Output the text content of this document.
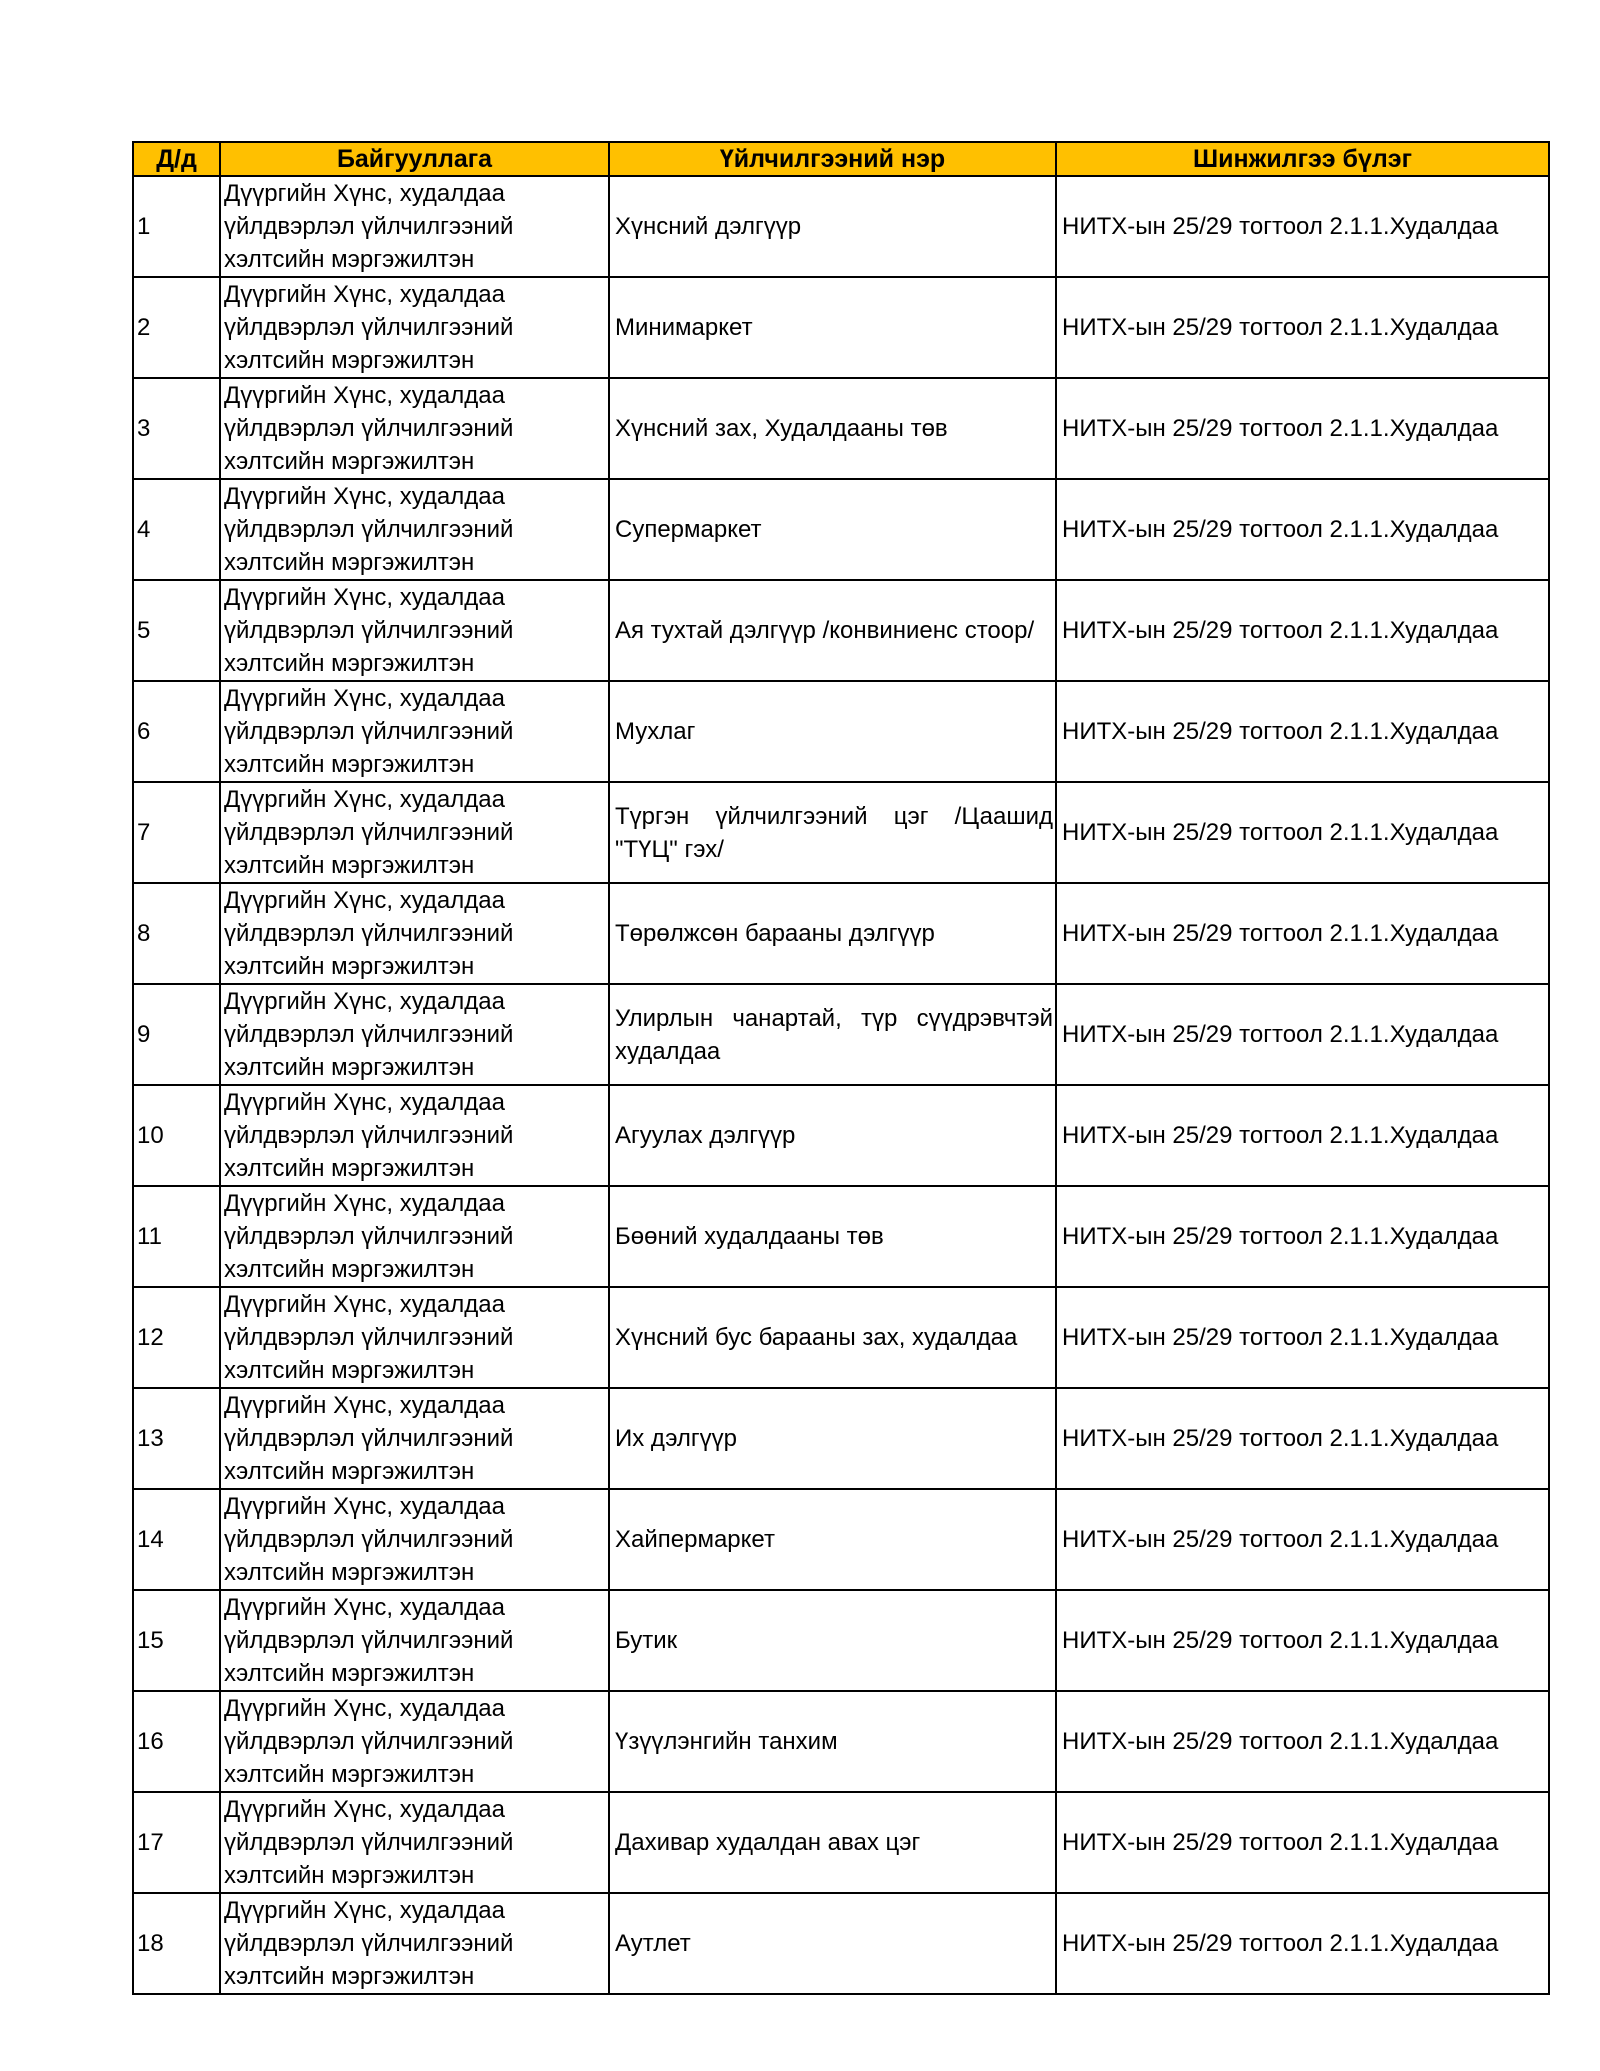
Д/д	Байгууллага	Үйлчилгээний нэр	Шинжилгээ бүлэг
1	Дүүргийн Хүнс, худалдаа үйлдвэрлэл үйлчилгээний хэлтсийн мэргэжилтэн	Хүнсний дэлгүүр	НИТХ-ын 25/29 тогтоол 2.1.1.Худалдаа
2	Дүүргийн Хүнс, худалдаа үйлдвэрлэл үйлчилгээний хэлтсийн мэргэжилтэн	Минимаркет	НИТХ-ын 25/29 тогтоол 2.1.1.Худалдаа
3	Дүүргийн Хүнс, худалдаа үйлдвэрлэл үйлчилгээний хэлтсийн мэргэжилтэн	Хүнсний зах, Худалдааны төв	НИТХ-ын 25/29 тогтоол 2.1.1.Худалдаа
4	Дүүргийн Хүнс, худалдаа үйлдвэрлэл үйлчилгээний хэлтсийн мэргэжилтэн	Супермаркет	НИТХ-ын 25/29 тогтоол 2.1.1.Худалдаа
5	Дүүргийн Хүнс, худалдаа үйлдвэрлэл үйлчилгээний хэлтсийн мэргэжилтэн	Ая тухтай дэлгүүр /конвиниенс стоор/	НИТХ-ын 25/29 тогтоол 2.1.1.Худалдаа
6	Дүүргийн Хүнс, худалдаа үйлдвэрлэл үйлчилгээний хэлтсийн мэргэжилтэн	Мухлаг	НИТХ-ын 25/29 тогтоол 2.1.1.Худалдаа
7	Дүүргийн Хүнс, худалдаа үйлдвэрлэл үйлчилгээний хэлтсийн мэргэжилтэн	Түргэн үйлчилгээний цэг /Цаашид "ТҮЦ" гэх/	НИТХ-ын 25/29 тогтоол 2.1.1.Худалдаа
8	Дүүргийн Хүнс, худалдаа үйлдвэрлэл үйлчилгээний хэлтсийн мэргэжилтэн	Төрөлжсөн барааны дэлгүүр	НИТХ-ын 25/29 тогтоол 2.1.1.Худалдаа
9	Дүүргийн Хүнс, худалдаа үйлдвэрлэл үйлчилгээний хэлтсийн мэргэжилтэн	Улирлын чанартай, түр сүүдрэвчтэй худалдаа	НИТХ-ын 25/29 тогтоол 2.1.1.Худалдаа
10	Дүүргийн Хүнс, худалдаа үйлдвэрлэл үйлчилгээний хэлтсийн мэргэжилтэн	Агуулах дэлгүүр	НИТХ-ын 25/29 тогтоол 2.1.1.Худалдаа
11	Дүүргийн Хүнс, худалдаа үйлдвэрлэл үйлчилгээний хэлтсийн мэргэжилтэн	Бөөний худалдааны төв	НИТХ-ын 25/29 тогтоол 2.1.1.Худалдаа
12	Дүүргийн Хүнс, худалдаа үйлдвэрлэл үйлчилгээний хэлтсийн мэргэжилтэн	Хүнсний бус барааны зах, худалдаа	НИТХ-ын 25/29 тогтоол 2.1.1.Худалдаа
13	Дүүргийн Хүнс, худалдаа үйлдвэрлэл үйлчилгээний хэлтсийн мэргэжилтэн	Их дэлгүүр	НИТХ-ын 25/29 тогтоол 2.1.1.Худалдаа
14	Дүүргийн Хүнс, худалдаа үйлдвэрлэл үйлчилгээний хэлтсийн мэргэжилтэн	Хайпермаркет	НИТХ-ын 25/29 тогтоол 2.1.1.Худалдаа
15	Дүүргийн Хүнс, худалдаа үйлдвэрлэл үйлчилгээний хэлтсийн мэргэжилтэн	Бутик	НИТХ-ын 25/29 тогтоол 2.1.1.Худалдаа
16	Дүүргийн Хүнс, худалдаа үйлдвэрлэл үйлчилгээний хэлтсийн мэргэжилтэн	Үзүүлэнгийн танхим	НИТХ-ын 25/29 тогтоол 2.1.1.Худалдаа
17	Дүүргийн Хүнс, худалдаа үйлдвэрлэл үйлчилгээний хэлтсийн мэргэжилтэн	Дахивар худалдан авах цэг	НИТХ-ын 25/29 тогтоол 2.1.1.Худалдаа
18	Дүүргийн Хүнс, худалдаа үйлдвэрлэл үйлчилгээний хэлтсийн мэргэжилтэн	Аутлет	НИТХ-ын 25/29 тогтоол 2.1.1.Худалдаа
